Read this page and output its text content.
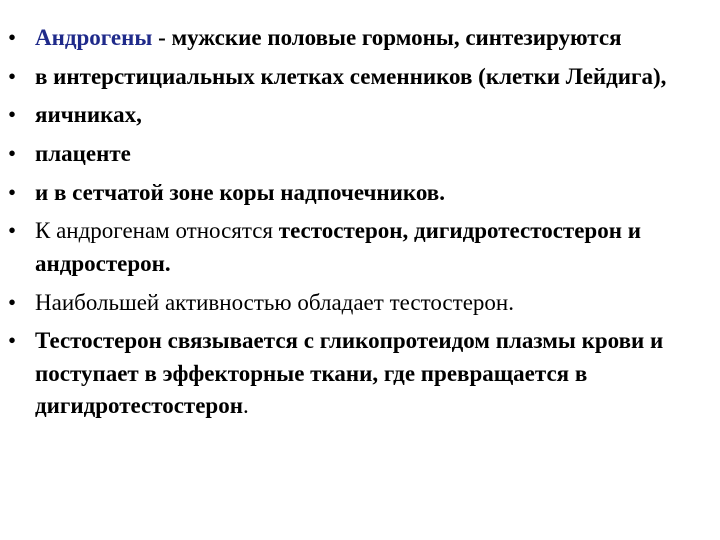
• Андрогены - мужские половые гормоны, синтезируются
• в интерстициальных клетках семенников (клетки Лейдига),
• яичниках,
• плаценте
• и в сетчатой зоне коры надпочечников.
• К андрогенам относятся тестостерон, дигидротестостерон и андростерон.
• Наибольшей активностью обладает тестостерон.
• Тестостерон связывается с гликопротеидом плазмы крови и поступает в эффекторные ткани, где превращается в дигидротестостерон.
